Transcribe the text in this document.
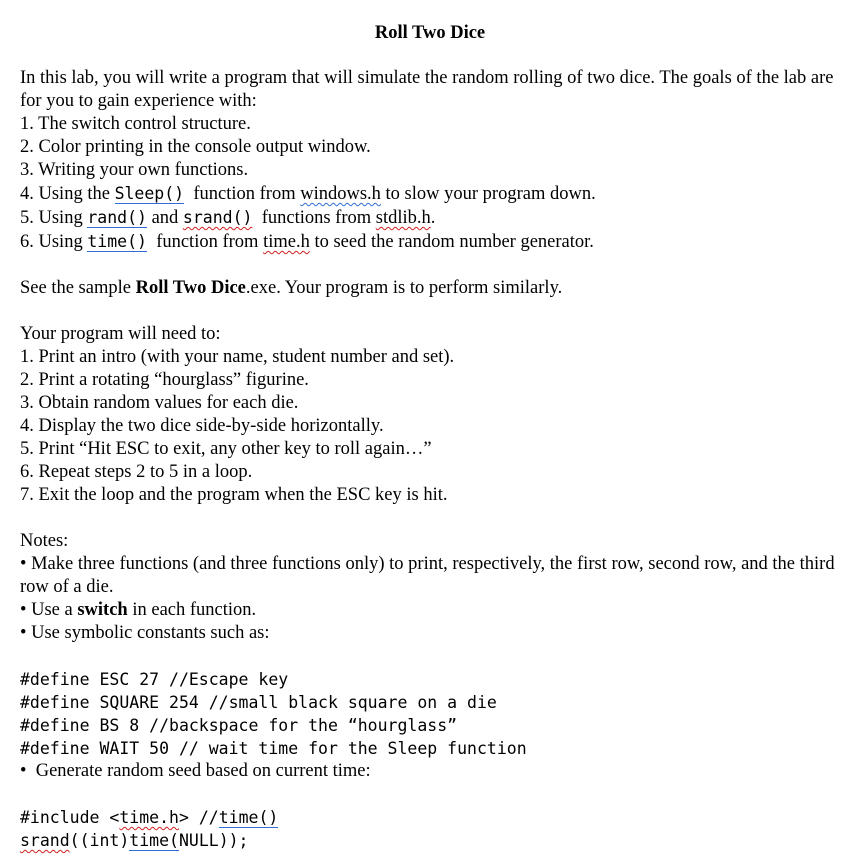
Roll Two Dice

In this lab, you will write a program that will simulate the random rolling of two dice. The goals of the lab are for you to gain experience with:

1. The switch control structure.

2. Color printing in the console output window.

3. Writing your own functions.

4. Using the Sleep()  function from windows.h to slow your program down.

5. Using rand() and srand()  functions from stdlib.h.

6. Using time()  function from time.h to seed the random number generator.

See the sample Roll Two Dice.exe. Your program is to perform similarly.

Your program will need to:

1. Print an intro (with your name, student number and set).

2. Print a rotating “hourglass” figurine.

3. Obtain random values for each die.

4. Display the two dice side-by-side horizontally.

5. Print “Hit ESC to exit, any other key to roll again…”

6. Repeat steps 2 to 5 in a loop.

7. Exit the loop and the program when the ESC key is hit.

Notes:

• Make three functions (and three functions only) to print, respectively, the first row, second row, and the third row of a die.

• Use a switch in each function.

• Use symbolic constants such as:

#define ESC 27 //Escape key

#define SQUARE 254 //small black square on a die

#define BS 8 //backspace for the “hourglass”

#define WAIT 50 // wait time for the Sleep function

• Generate random seed based on current time:

#include <time.h> //time()

srand((int)time(NULL));
